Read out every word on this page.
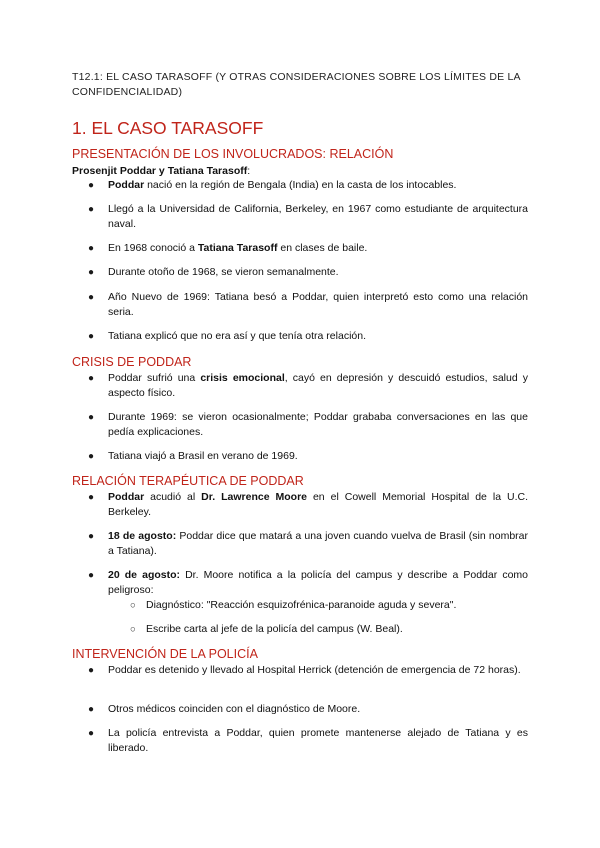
T12.1: EL CASO TARASOFF (Y OTRAS CONSIDERACIONES SOBRE LOS LÍMITES DE LA CONFIDENCIALIDAD)
1. EL CASO TARASOFF
PRESENTACIÓN DE LOS INVOLUCRADOS: RELACIÓN
Prosenjit Poddar y Tatiana Tarasoff:
● Poddar nació en la región de Bengala (India) en la casta de los intocables.
● Llegó a la Universidad de California, Berkeley, en 1967 como estudiante de arquitectura naval.
● En 1968 conoció a Tatiana Tarasoff en clases de baile.
● Durante otoño de 1968, se vieron semanalmente.
● Año Nuevo de 1969: Tatiana besó a Poddar, quien interpretó esto como una relación seria.
● Tatiana explicó que no era así y que tenía otra relación.
CRISIS DE PODDAR
● Poddar sufrió una crisis emocional, cayó en depresión y descuidó estudios, salud y aspecto físico.
● Durante 1969: se vieron ocasionalmente; Poddar grababa conversaciones en las que pedía explicaciones.
● Tatiana viajó a Brasil en verano de 1969.
RELACIÓN TERAPÉUTICA DE PODDAR
● Poddar acudió al Dr. Lawrence Moore en el Cowell Memorial Hospital de la U.C. Berkeley.
● 18 de agosto: Poddar dice que matará a una joven cuando vuelva de Brasil (sin nombrar a Tatiana).
● 20 de agosto: Dr. Moore notifica a la policía del campus y describe a Poddar como peligroso:
○ Diagnóstico: "Reacción esquizofrénica-paranoide aguda y severa".
○ Escribe carta al jefe de la policía del campus (W. Beal).
INTERVENCIÓN DE LA POLICÍA
● Poddar es detenido y llevado al Hospital Herrick (detención de emergencia de 72 horas).
● Otros médicos coinciden con el diagnóstico de Moore.
● La policía entrevista a Poddar, quien promete mantenerse alejado de Tatiana y es liberado.
